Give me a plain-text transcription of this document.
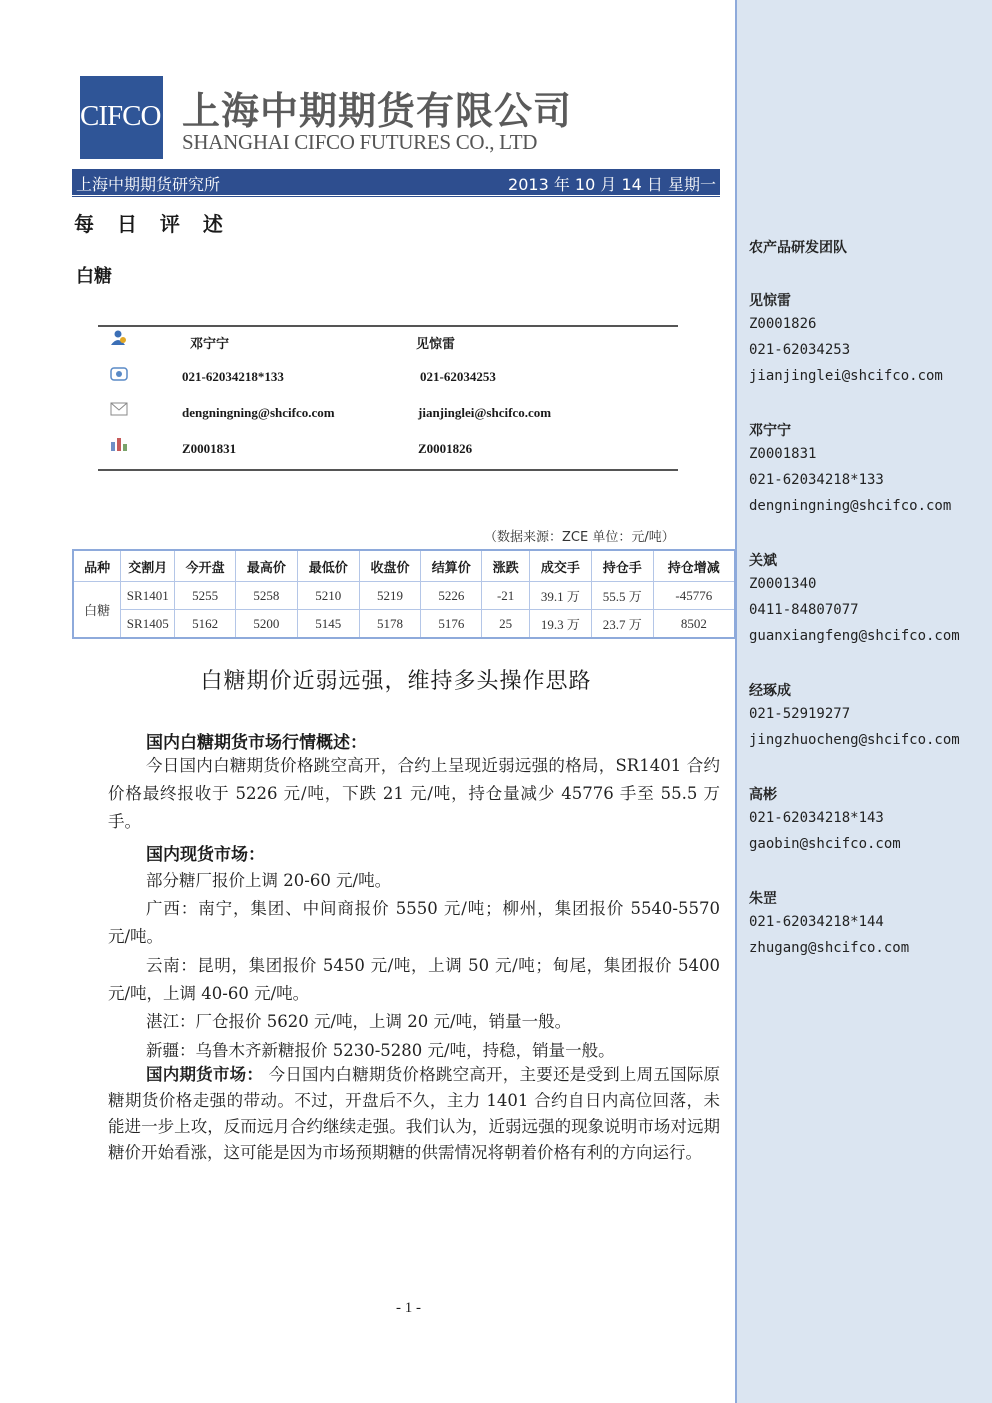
CIFCO 上海中期期货有限公司
SHANGHAI CIFCO FUTURES CO., LTD
上海中期期货研究所	2013 年 10 月 14 日 星期一
每 日 评 述
白糖
邓宁宁	见惊雷
021-62034218*133	021-62034253
dengningning@shcifco.com	jianjinglei@shcifco.com
Z0001831	Z0001826
（数据来源：ZCE 单位：元/吨）
品种	交割月	今开盘	最高价	最低价	收盘价	结算价	涨跌	成交手	持仓手	持仓增减
白糖	SR1401	5255	5258	5210	5219	5226	-21	39.1 万	55.5 万	-45776
	SR1405	5162	5200	5145	5178	5176	25	19.3 万	23.7 万	8502
白糖期价近弱远强，维持多头操作思路
国内白糖期货市场行情概述：
今日国内白糖期货价格跳空高开，合约上呈现近弱远强的格局，SR1401 合约价格最终报收于 5226 元/吨，下跌 21 元/吨，持仓量减少 45776 手至 55.5 万手。
国内现货市场：
部分糖厂报价上调 20-60 元/吨。
广西：南宁，集团、中间商报价 5550 元/吨；柳州，集团报价 5540-5570 元/吨。
云南：昆明，集团报价 5450 元/吨，上调 50 元/吨；甸尾，集团报价 5400 元/吨，上调 40-60 元/吨。
湛江：厂仓报价 5620 元/吨，上调 20 元/吨，销量一般。
新疆：乌鲁木齐新糖报价 5230-5280 元/吨，持稳，销量一般。
国内期货市场： 今日国内白糖期货价格跳空高开，主要还是受到上周五国际原糖期货价格走强的带动。不过，开盘后不久，主力 1401 合约自日内高位回落，未能进一步上攻，反而远月合约继续走强。我们认为，近弱远强的现象说明市场对远期糖价开始看涨，这可能是因为市场预期糖的供需情况将朝着价格有利的方向运行。
- 1 -
农产品研发团队
见惊雷
Z0001826
021-62034253
jianjinglei@shcifco.com
邓宁宁
Z0001831
021-62034218*133
dengningning@shcifco.com
关斌
Z0001340
0411-84807077
guanxiangfeng@shcifco.com
经琢成
021-52919277
jingzhuocheng@shcifco.com
高彬
021-62034218*143
gaobin@shcifco.com
朱罡
021-62034218*144
zhugang@shcifco.com
